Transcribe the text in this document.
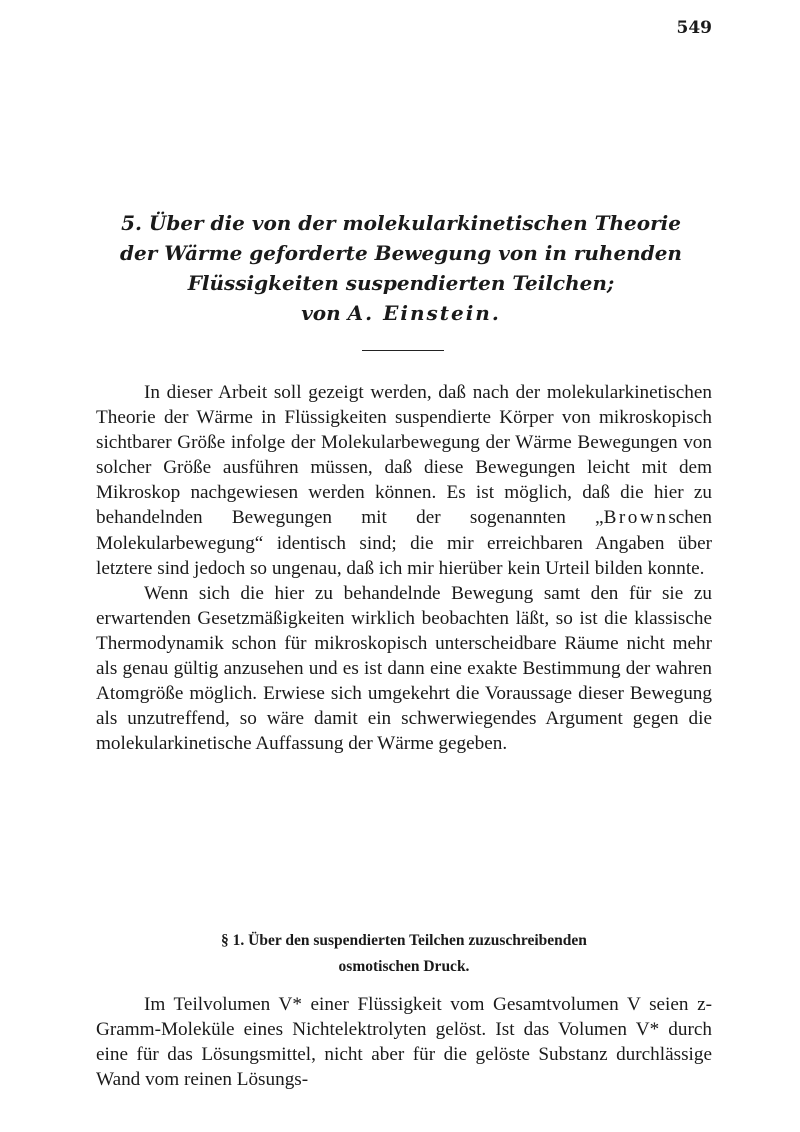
549
5. Über die von der molekularkinetischen Theorie
der Wärme geforderte Bewegung von in ruhenden
Flüssigkeiten suspendierten Teilchen;
von A. Einstein.

In dieser Arbeit soll gezeigt werden, daß nach der molekularkinetischen Theorie der Wärme in Flüssigkeiten suspendierte Körper von mikroskopisch sichtbarer Größe infolge der Molekularbewegung der Wärme Bewegungen von solcher Größe ausführen müssen, daß diese Bewegungen leicht mit dem Mikroskop nachgewiesen werden können. Es ist möglich, daß die hier zu behandelnden Bewegungen mit der sogenannten „Brownschen Molekularbewegung“ identisch sind; die mir erreichbaren Angaben über letztere sind jedoch so ungenau, daß ich mir hierüber kein Urteil bilden konnte.

Wenn sich die hier zu behandelnde Bewegung samt den für sie zu erwartenden Gesetzmäßigkeiten wirklich beobachten läßt, so ist die klassische Thermodynamik schon für mikroskopisch unterscheidbare Räume nicht mehr als genau gültig anzusehen und es ist dann eine exakte Bestimmung der wahren Atomgröße möglich. Erwiese sich umgekehrt die Voraussage dieser Bewegung als unzutreffend, so wäre damit ein schwerwiegendes Argument gegen die molekularkinetische Auffassung der Wärme gegeben.

§ 1. Über den suspendierten Teilchen zuzuschreibenden
osmotischen Druck.

Im Teilvolumen V* einer Flüssigkeit vom Gesamtvolumen V seien z-Gramm-Moleküle eines Nichtelektrolyten gelöst. Ist das Volumen V* durch eine für das Lösungsmittel, nicht aber für die gelöste Substanz durchlässige Wand vom reinen Lösungs-
